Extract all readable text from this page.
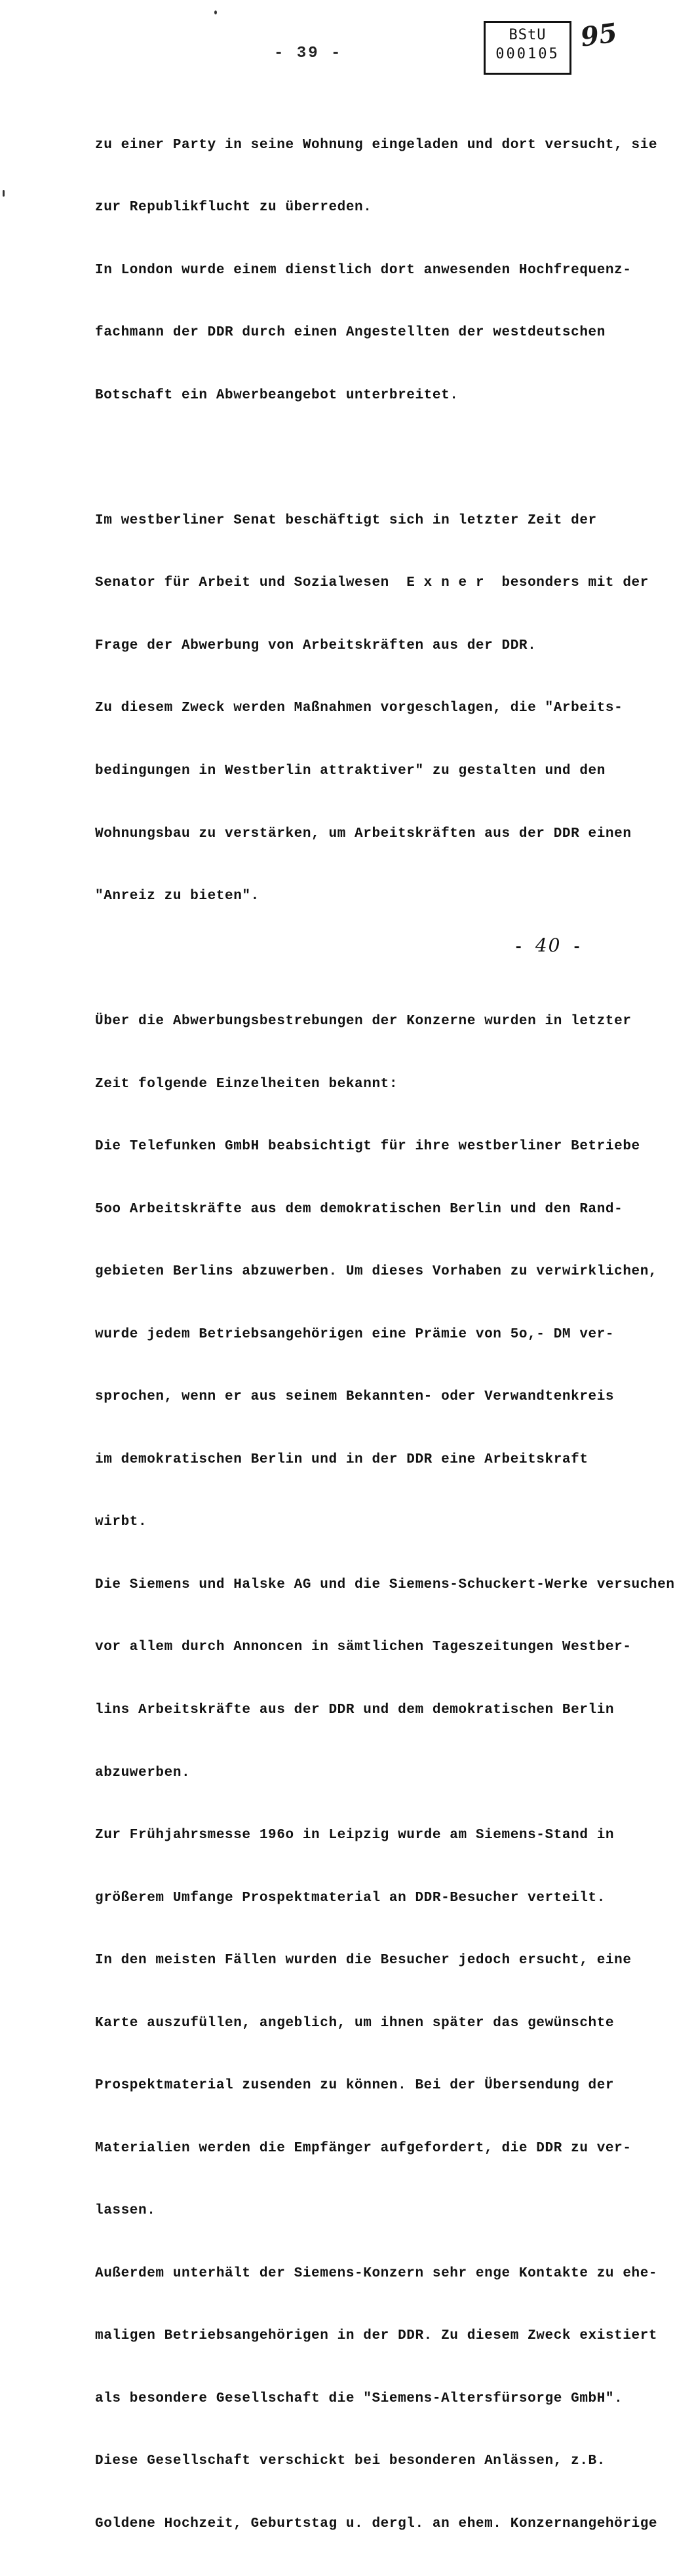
- 39 -
BStU
000105
95

zu einer Party in seine Wohnung eingeladen und dort versucht, sie

zur Republikflucht zu überreden.

In London wurde einem dienstlich dort anwesenden Hochfrequenz-

fachmann der DDR durch einen Angestellten der westdeutschen

Botschaft ein Abwerbeangebot unterbreitet.

Im westberliner Senat beschäftigt sich in letzter Zeit der

Senator für Arbeit und Sozialwesen  E x n e r  besonders mit der

Frage der Abwerbung von Arbeitskräften aus der DDR.

Zu diesem Zweck werden Maßnahmen vorgeschlagen, die "Arbeits-

bedingungen in Westberlin attraktiver" zu gestalten und den

Wohnungsbau zu verstärken, um Arbeitskräften aus der DDR einen

"Anreiz zu bieten".

Über die Abwerbungsbestrebungen der Konzerne wurden in letzter

Zeit folgende Einzelheiten bekannt:

Die Telefunken GmbH beabsichtigt für ihre westberliner Betriebe

5oo Arbeitskräfte aus dem demokratischen Berlin und den Rand-

gebieten Berlins abzuwerben. Um dieses Vorhaben zu verwirklichen,

wurde jedem Betriebsangehörigen eine Prämie von 5o,- DM ver-

sprochen, wenn er aus seinem Bekannten- oder Verwandtenkreis

im demokratischen Berlin und in der DDR eine Arbeitskraft

wirbt.

Die Siemens und Halske AG und die Siemens-Schuckert-Werke versuchen

vor allem durch Annoncen in sämtlichen Tageszeitungen Westber-

lins Arbeitskräfte aus der DDR und dem demokratischen Berlin

abzuwerben.

Zur Frühjahrsmesse 196o in Leipzig wurde am Siemens-Stand in

größerem Umfange Prospektmaterial an DDR-Besucher verteilt.

In den meisten Fällen wurden die Besucher jedoch ersucht, eine

Karte auszufüllen, angeblich, um ihnen später das gewünschte

Prospektmaterial zusenden zu können. Bei der Übersendung der

Materialien werden die Empfänger aufgefordert, die DDR zu ver-

lassen.

Außerdem unterhält der Siemens-Konzern sehr enge Kontakte zu ehe-

maligen Betriebsangehörigen in der DDR. Zu diesem Zweck existiert

als besondere Gesellschaft die "Siemens-Altersfürsorge GmbH".

Diese Gesellschaft verschickt bei besonderen Anlässen, z.B.

Goldene Hochzeit, Geburtstag u. dergl. an ehem. Konzernangehörige

- 40 -
